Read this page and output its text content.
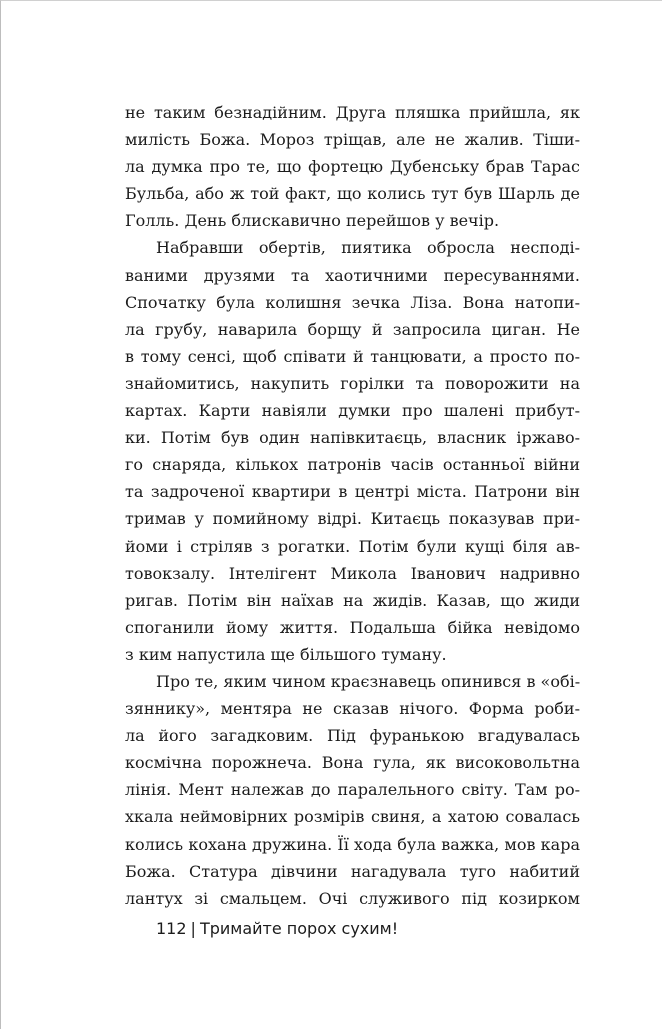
не таким безнадійним. Друга пляшка прийшла, як
милість Божа. Мороз тріщав, але не жалив. Тіши-
ла думка про те, що фортецю Дубенську брав Тарас
Бульба, або ж той факт, що колись тут був Шарль де
Голль. День блискавично перейшов у вечір.
Набравши обертів, пиятика обросла несподі-
ваними друзями та хаотичними пересуваннями.
Спочатку була колишня зечка Ліза. Вона натопи-
ла грубу, наварила борщу й запросила циган. Не
в тому сенсі, щоб співати й танцювати, а просто по-
знайомитись, накупить горілки та поворожити на
картах. Карти навіяли думки про шалені прибут-
ки. Потім був один напівкитаєць, власник іржаво-
го снаряда, кількох патронів часів останньої війни
та задроченої квартири в центрі міста. Патрони він
тримав у помийному відрі. Китаєць показував при-
йоми і стріляв з рогатки. Потім були кущі біля ав-
товокзалу. Інтелігент Микола Іванович надривно
ригав. Потім він наїхав на жидів. Казав, що жиди
споганили йому життя. Подальша бійка невідомо
з ким напустила ще більшого туману.
Про те, яким чином краєзнавець опинився в «обі-
зяннику», ментяра не сказав нічого. Форма роби-
ла його загадковим. Під фуранькою вгадувалась
космічна порожнеча. Вона гула, як високовольтна
лінія. Мент належав до паралельного світу. Там ро-
хкала неймовірних розмірів свиня, а хатою совалась
колись кохана дружина. Її хода була важка, мов кара
Божа. Статура дівчини нагадувала туго набитий
лантух зі смальцем. Очі служивого під козирком
112 | Тримайте порох сухим!
